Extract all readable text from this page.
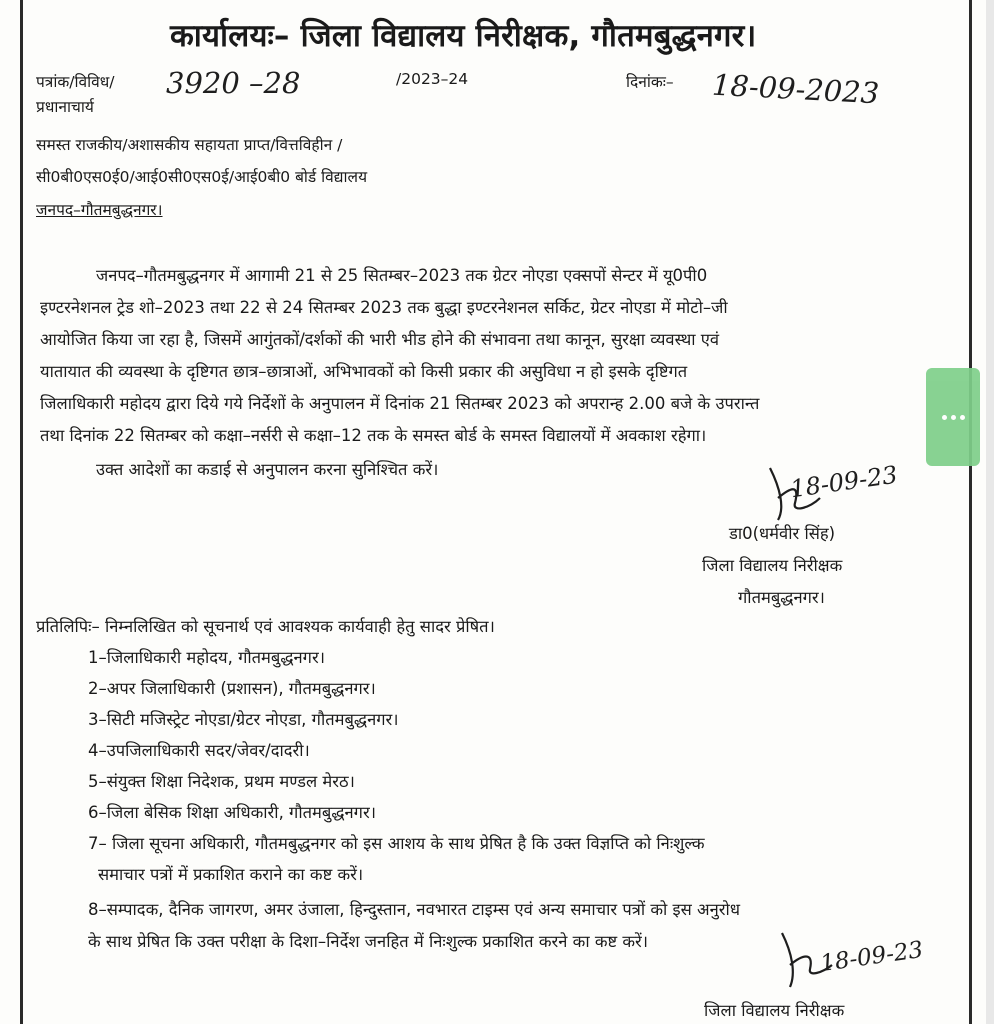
कार्यालयः– जिला विद्यालय निरीक्षक, गौतमबुद्धनगर।
पत्रांक/विविध/ 3920 –28	/2023–24	दिनांकः– 18-09-2023
प्रधानाचार्य
समस्त राजकीय/अशासकीय सहायता प्राप्त/वित्तविहीन /
सी0बी0एस0ई0/आई0सी0एस0ई/आई0बी0 बोर्ड विद्यालय
जनपद–गौतमबुद्धनगर।
जनपद–गौतमबुद्धनगर में आगामी 21 से 25 सितम्बर–2023 तक ग्रेटर नोएडा एक्सपों सेन्टर में यू0पी0
इण्टरनेशनल ट्रेड शो–2023 तथा 22 से 24 सितम्बर 2023 तक बुद्धा इण्टरनेशनल सर्किट, ग्रेटर नोएडा में मोटो–जी
आयोजित किया जा रहा है, जिसमें आगुंतकों/दर्शकों की भारी भीड होने की संभावना तथा कानून, सुरक्षा व्यवस्था एवं
यातायात की व्यवस्था के दृष्टिगत छात्र–छात्राओं, अभिभावकों को किसी प्रकार की असुविधा न हो इसके दृष्टिगत
जिलाधिकारी महोदय द्वारा दिये गये निर्देशों के अनुपालन में दिनांक 21 सितम्बर 2023 को अपरान्ह 2.00 बजे के उपरान्त
तथा दिनांक 22 सितम्बर को कक्षा–नर्सरी से कक्षा–12 तक के समस्त बोर्ड के समस्त विद्यालयों में अवकाश रहेगा।
उक्त आदेशों का कडाई से अनुपालन करना सुनिश्चित करें।	18-09-23
डा0(धर्मवीर सिंह)
जिला विद्यालय निरीक्षक
गौतमबुद्धनगर।
प्रतिलिपिः– निम्नलिखित को सूचनार्थ एवं आवश्यक कार्यवाही हेतु सादर प्रेषित।
1–जिलाधिकारी महोदय, गौतमबुद्धनगर।
2–अपर जिलाधिकारी (प्रशासन), गौतमबुद्धनगर।
3–सिटी मजिस्ट्रेट नोएडा/ग्रेटर नोएडा, गौतमबुद्धनगर।
4–उपजिलाधिकारी सदर/जेवर/दादरी।
5–संयुक्त शिक्षा निदेशक, प्रथम मण्डल मेरठ।
6–जिला बेसिक शिक्षा अधिकारी, गौतमबुद्धनगर।
7– जिला सूचना अधिकारी, गौतमबुद्धनगर को इस आशय के साथ प्रेषित है कि उक्त विज्ञप्ति को निःशुल्क
समाचार पत्रों में प्रकाशित कराने का कष्ट करें।
8–सम्पादक, दैनिक जागरण, अमर उंजाला, हिन्दुस्तान, नवभारत टाइम्स एवं अन्य समाचार पत्रों को इस अनुरोध
के साथ प्रेषित कि उक्त परीक्षा के दिशा–निर्देश जनहित में निःशुल्क प्रकाशित करने का कष्ट करें।	18-09-23
जिला विद्यालय निरीक्षक
